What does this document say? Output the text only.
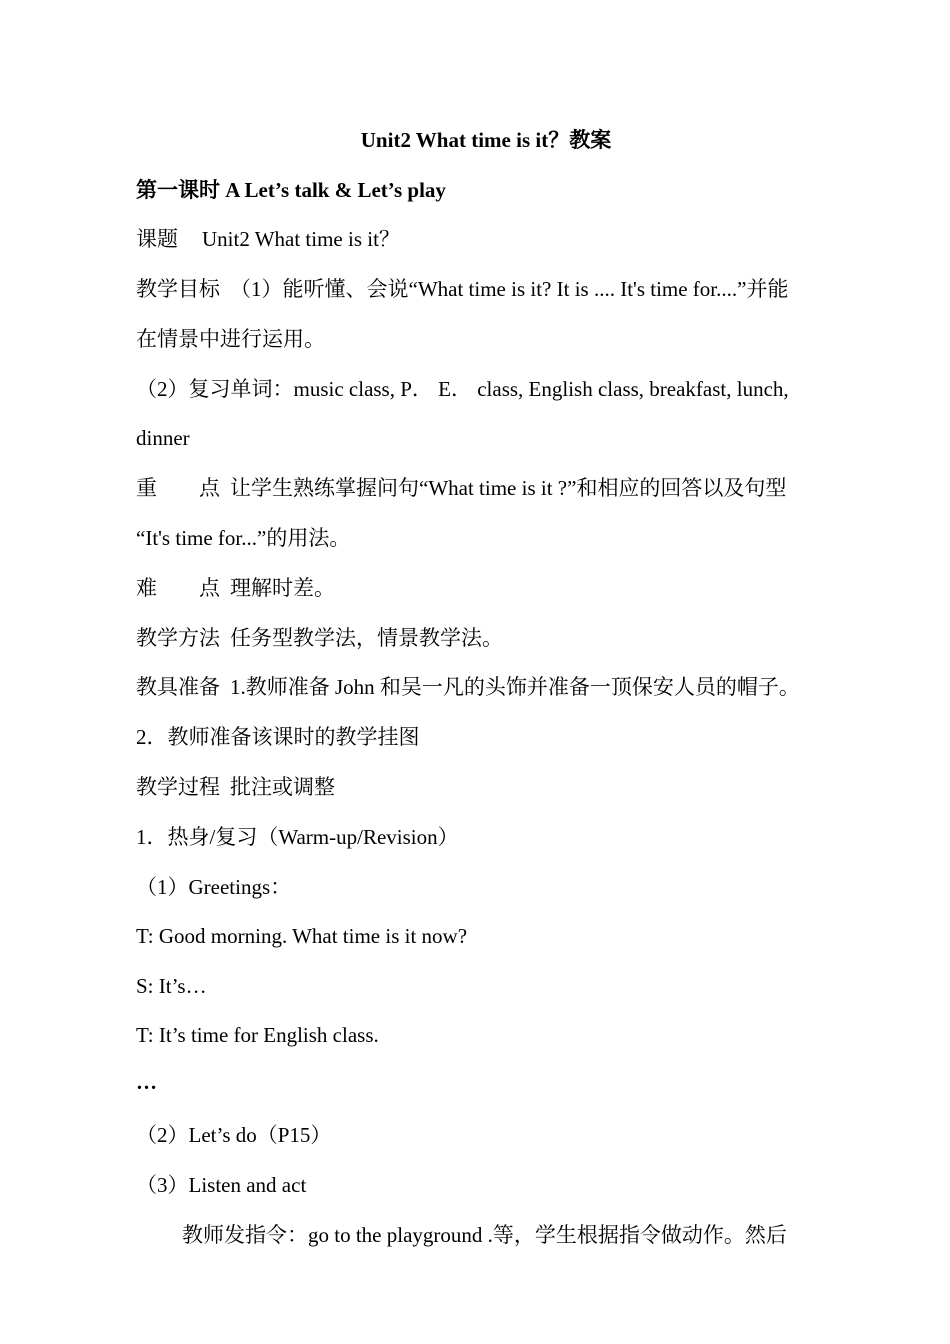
Unit2 What time is it？教案
第一课时 A Let’s talk & Let’s play
课题 Unit2 What time is it？
教学目标 （1）能听懂、会说“What time is it? It is .... It's time for....”并能
在情景中进行运用。
（2）复习单词：music class, P． E． class, English class, breakfast, lunch,
dinner
重　　点 让学生熟练掌握问句“What time is it ?”和相应的回答以及句型
“It's time for...”的用法。
难　　点 理解时差。
教学方法 任务型教学法，情景教学法。
教具准备 1.教师准备 John 和吴一凡的头饰并准备一顶保安人员的帽子。
2．教师准备该课时的教学挂图
教学过程 批注或调整
1．热身/复习（Warm-up/Revision）
（1）Greetings：
T: Good morning. What time is it now?
S: It’s…
T: It’s time for English class.
…
（2）Let’s do（P15）
（3）Listen and act
教师发指令：go to the playground .等，学生根据指令做动作。然后
